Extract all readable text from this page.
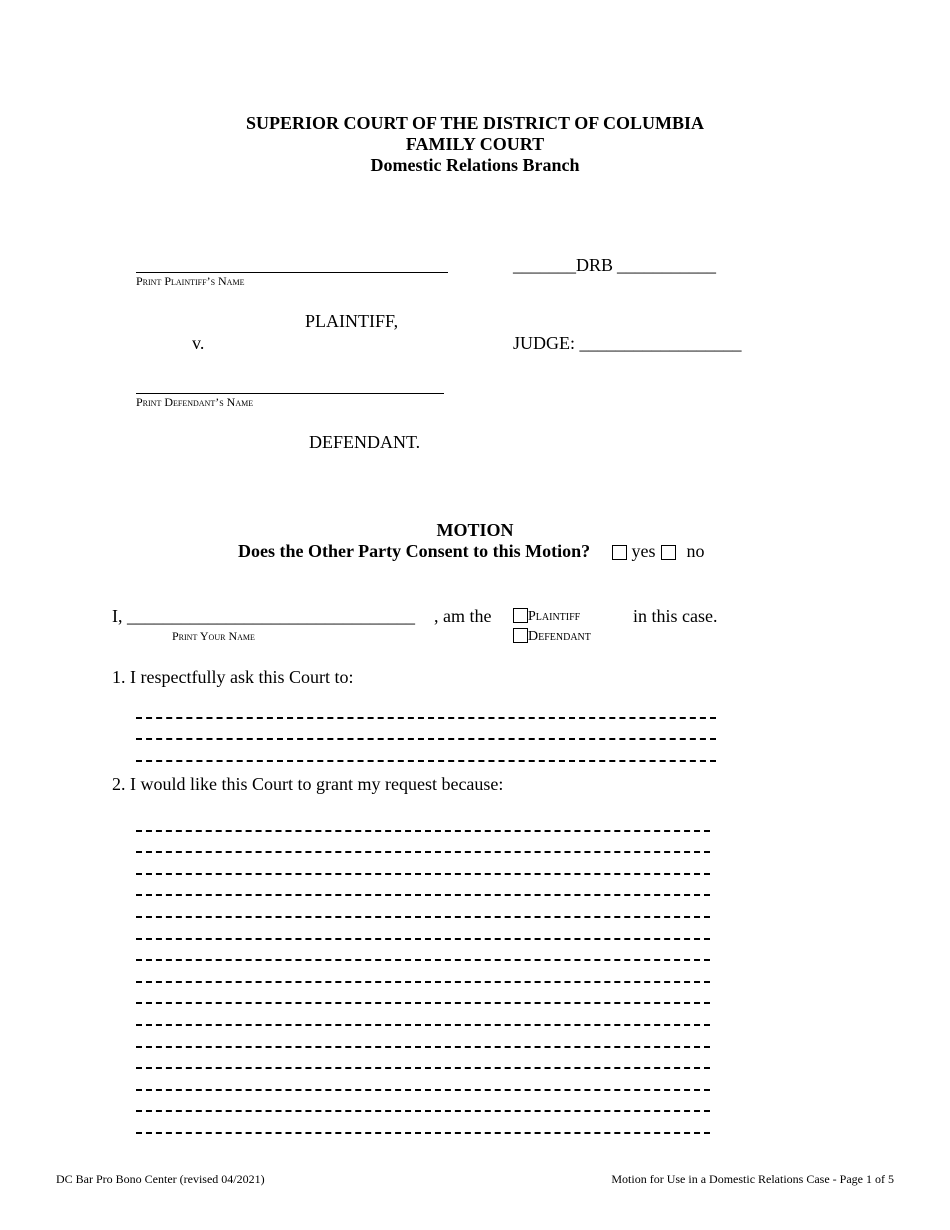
SUPERIOR COURT OF THE DISTRICT OF COLUMBIA
FAMILY COURT
Domestic Relations Branch
Print Plaintiff’s Name
_______DRB ___________
PLAINTIFF,
v.	JUDGE: __________________
Print Defendant’s Name
DEFENDANT.
MOTION
Does the Other Party Consent to this Motion?	yes no
I, ________________________________ , am the
Print Your Name
Plaintiff
Defendant
in this case.
1. I respectfully ask this Court to:
2. I would like this Court to grant my request because:
DC Bar Pro Bono Center (revised 04/2021)	Motion for Use in a Domestic Relations Case - Page 1 of 5
